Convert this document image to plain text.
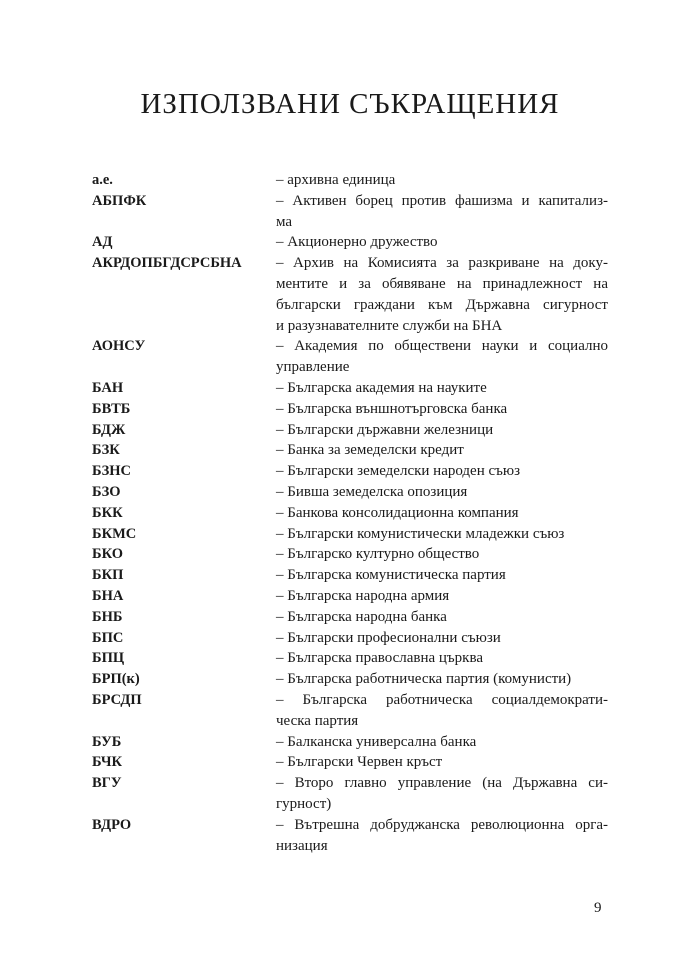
ИЗПОЛЗВАНИ СЪКРАЩЕНИЯ
а.е.	– архивна единица
АБПФК	– Активен борец против фашизма и капитализ-
ма
АД	– Акционерно дружество
АКРДОПБГДСРСБНА	– Архив на Комисията за разкриване на доку-
ментите и за обявяване на принадлежност на
български граждани към Държавна сигурност
и разузнавателните служби на БНА
АОНСУ	– Академия по обществени науки и социално
управление
БАН	– Българска академия на науките
БВТБ	– Българска външнотърговска банка
БДЖ	– Български държавни железници
БЗК	– Банка за земеделски кредит
БЗНС	– Български земеделски народен съюз
БЗО	– Бивша земеделска опозиция
БКК	– Банкова консолидационна компания
БКМС	– Български комунистически младежки съюз
БКО	– Българско културно общество
БКП	– Българска комунистическа партия
БНА	– Българска народна армия
БНБ	– Българска народна банка
БПС	– Български професионални съюзи
БПЦ	– Българска православна църква
БРП(к)	– Българска работническа партия (комунисти)
БРСДП	– Българска работническа социалдемократи-
ческа партия
БУБ	– Балканска универсална банка
БЧК	– Български Червен кръст
ВГУ	– Второ главно управление (на Държавна си-
гурност)
ВДРО	– Вътрешна добруджанска революционна орга-
низация
9
